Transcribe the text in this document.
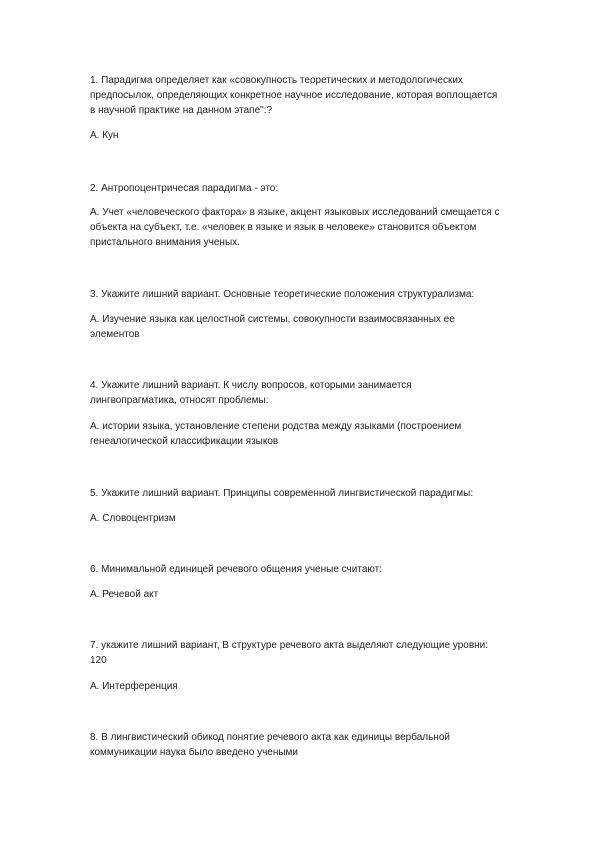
1. Парадигма определяет как «совокупность теоретических и методологических
предпосылок, определяющих конкретное научное исследование, которая воплощается
в научной практике на данном этапе":?

А. Кун

2. Антропоцентричесая парадигма - это:

А. Учет «человеческого фактора» в языке, акцент языковых исследований смещается с
объекта на субъект, т.е. «человек в языке и язык в человеке» становится объектом
пристального внимания ученых.

3. Укажите лишний вариант. Основные теоретические положения структурализма:

А. Изучение языка как целостной системы, совокупности взаимосвязанных ее
элементов

4. Укажите лишний вариант. К числу вопросов, которыми занимается
лингвопрагматика, относят проблемы:

А. истории языка, установление степени родства между языками (построением
генеалогической классификации языков

5. Укажите лишний вариант. Принципы современной лингвистической парадигмы:

А. Словоцентризм

6. Минимальной единицей речевого общения ученые считают:

А. Речевой акт

7. укажите лишний вариант, В структуре речевого акта выделяют следующие уровни:
120

А. Интерференция

8. В лингвистический обикод понятие речевого акта как единицы вербальной
коммуникации наука было введено учеными
